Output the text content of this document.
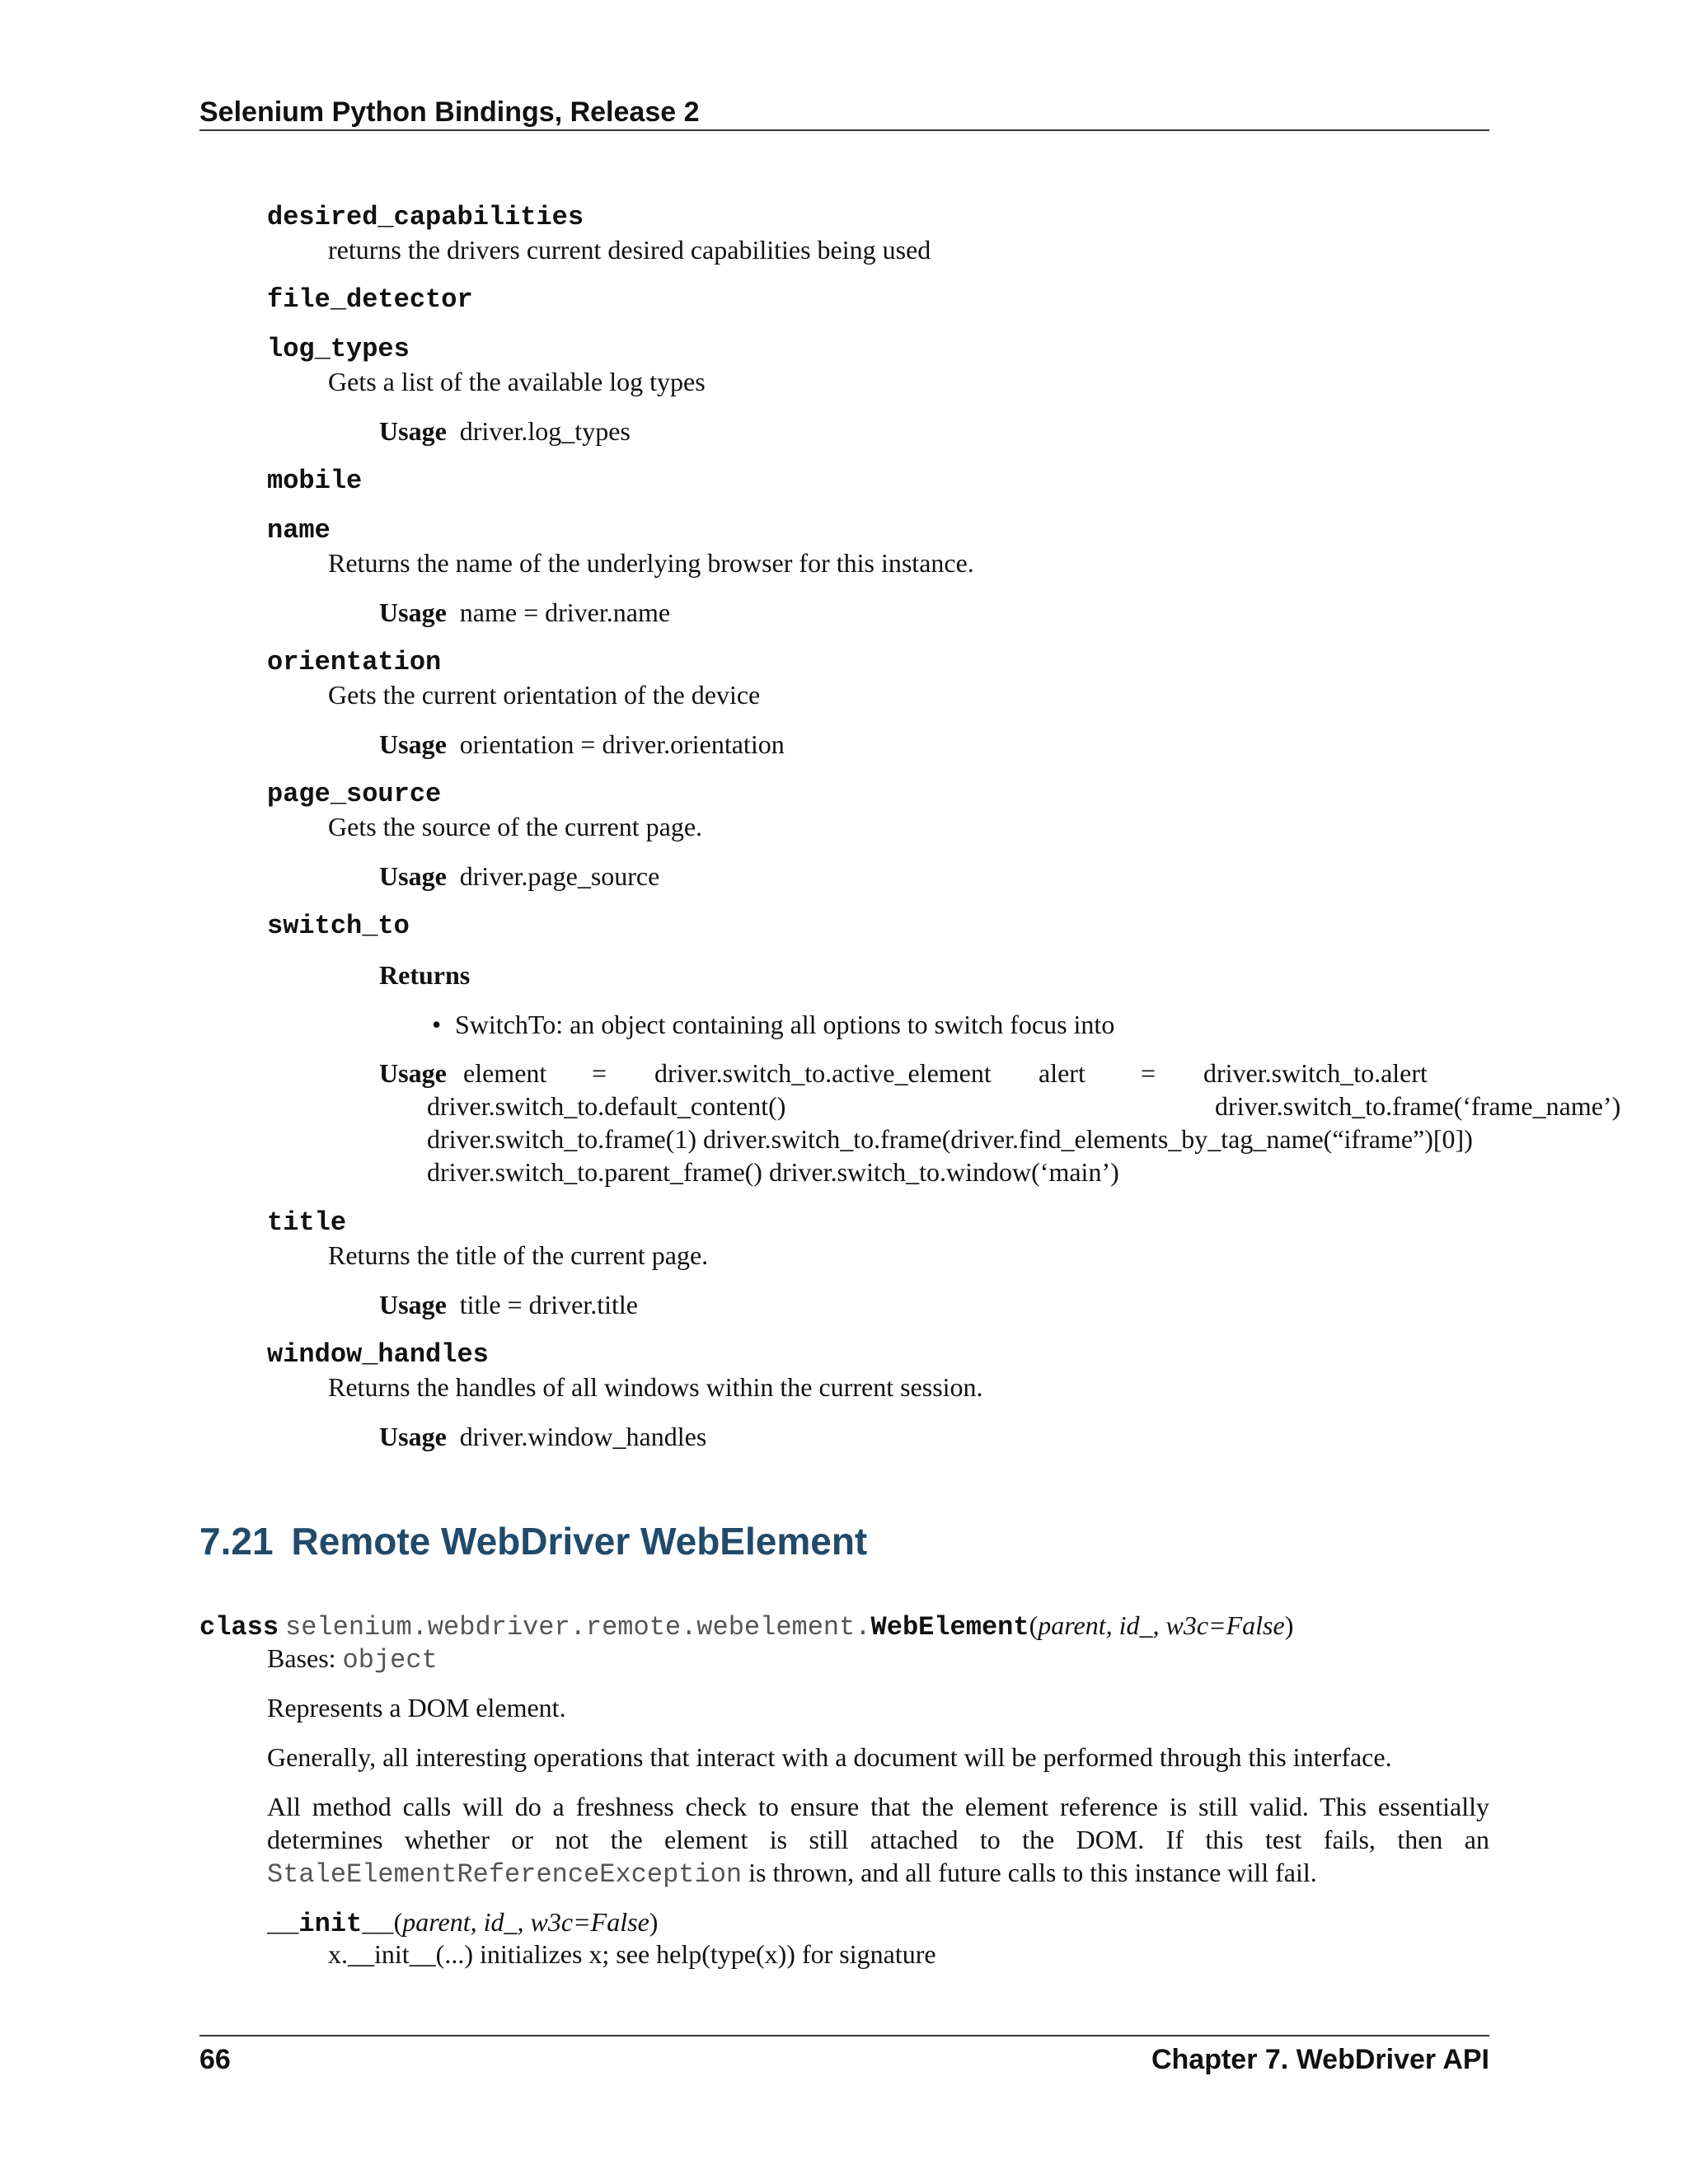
Selenium Python Bindings, Release 2
desired_capabilities
returns the drivers current desired capabilities being used
file_detector
log_types
Gets a list of the available log types
Usage driver.log_types
mobile
name
Returns the name of the underlying browser for this instance.
Usage name = driver.name
orientation
Gets the current orientation of the device
Usage orientation = driver.orientation
page_source
Gets the source of the current page.
Usage driver.page_source
switch_to
Returns
• SwitchTo: an object containing all options to switch focus into
Usage element = driver.switch_to.active_element alert = driver.switch_to.alert
driver.switch_to.default_content()	driver.switch_to.frame(‘frame_name’)
driver.switch_to.frame(1) driver.switch_to.frame(driver.find_elements_by_tag_name(“iframe”)[0])
driver.switch_to.parent_frame() driver.switch_to.window(‘main’)
title
Returns the title of the current page.
Usage title = driver.title
window_handles
Returns the handles of all windows within the current session.
Usage driver.window_handles
7.21 Remote WebDriver WebElement
class selenium.webdriver.remote.webelement.WebElement(parent, id_, w3c=False)
Bases: object
Represents a DOM element.
Generally, all interesting operations that interact with a document will be performed through this interface.
All method calls will do a freshness check to ensure that the element reference is still valid. This essentially determines whether or not the element is still attached to the DOM. If this test fails, then an StaleElementReferenceException is thrown, and all future calls to this instance will fail.
__init__(parent, id_, w3c=False)
x.__init__(...) initializes x; see help(type(x)) for signature
66	Chapter 7. WebDriver API
